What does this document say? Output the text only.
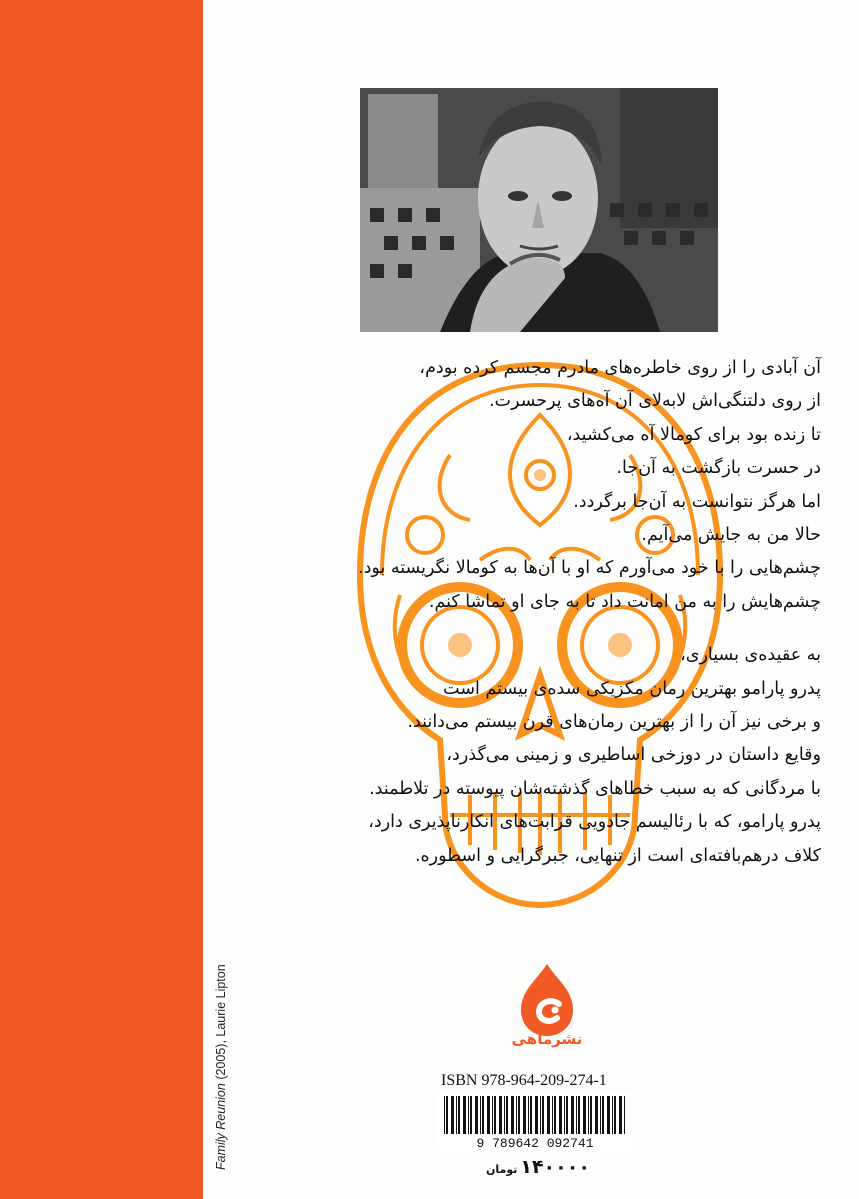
Family Reunion (2005), Laurie Lipton
آن آبادی را از روی خاطره‌های مادرم مجسم کرده بودم،
از روی دلتنگی‌اش لابه‌لای آن آه‌های پرحسرت.
تا زنده بود برای کومالا آه می‌کشید،
در حسرت بازگشت به آن‌جا.
اما هرگز نتوانست به آن‌جا برگردد.
حالا من به جایش می‌آیم.
چشم‌هایی را با خود می‌آورم که او با آن‌ها به کومالا نگریسته بود.
چشم‌هایش را به من امانت داد تا به جای او تماشا کنم.
به عقیده‌ی بسیاری،
پدرو پارامو بهترین رمان مکزیکی سده‌ی بیستم است
و برخی نیز آن را از بهترین رمان‌های قرن بیستم می‌دانند.
وقایع داستان در دوزخی اساطیری و زمینی می‌گذرد،
با مردگانی که به سبب خطاهای گذشته‌شان پیوسته در تلاطمند.
پدرو پارامو، که با رئالیسم جادویی قرابت‌های انکارناپذیری دارد،
کلاف درهم‌بافته‌ای است از تنهایی، جبرگرایی و اسطوره.
نشرماهی
ISBN 978-964-209-274-1
9 789642 092741
۱۴۰۰۰۰تومان
